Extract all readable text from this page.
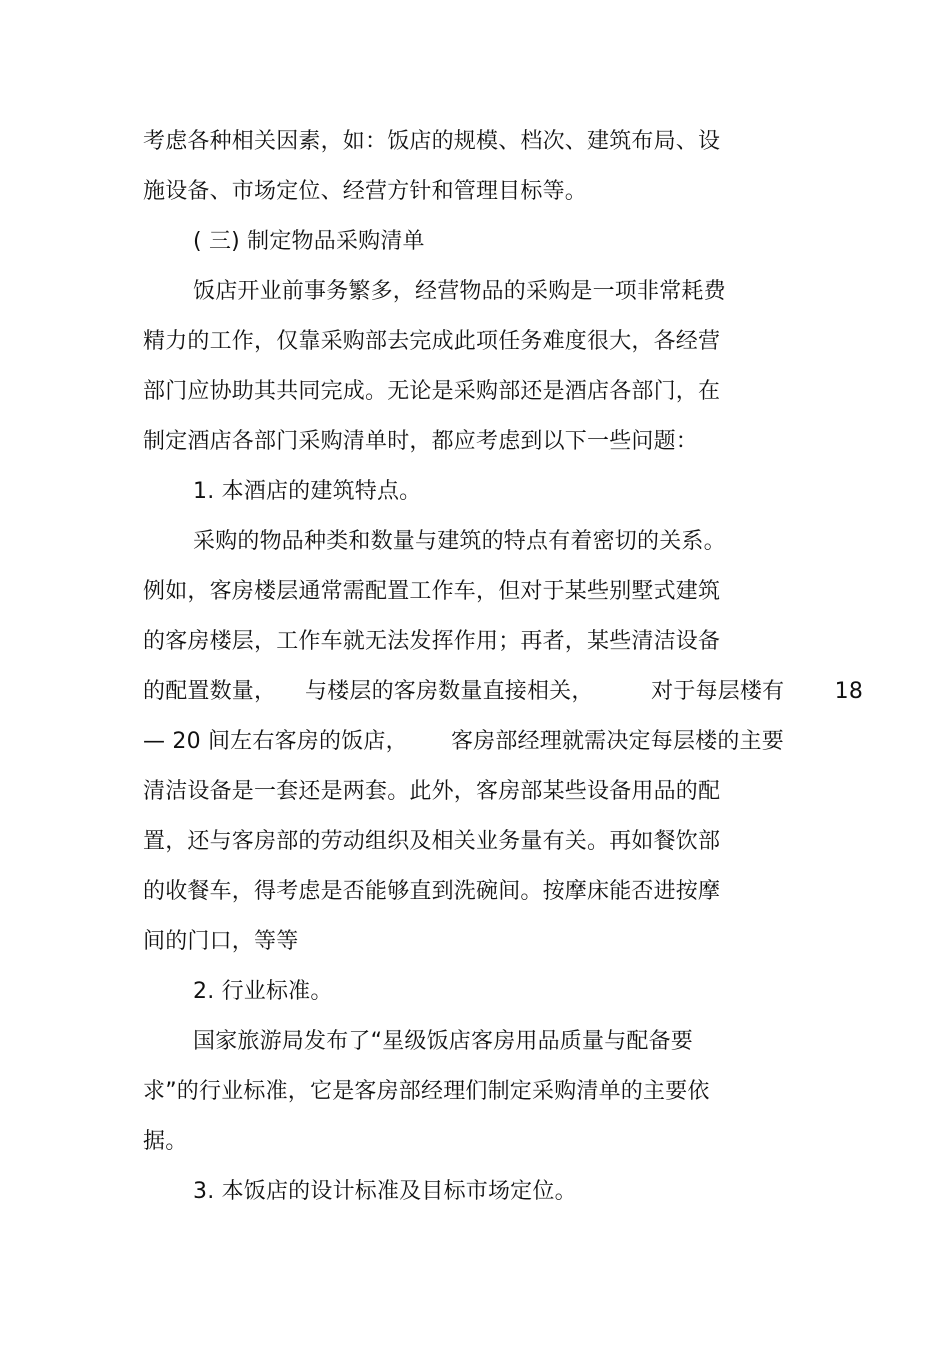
考虑各种相关因素，如：饭店的规模、档次、建筑布局、设
施设备、市场定位、经营方针和管理目标等。
( 三) 制定物品采购清单
饭店开业前事务繁多，经营物品的采购是一项非常耗费
精力的工作，仅靠采购部去完成此项任务难度很大，各经营
部门应协助其共同完成。无论是采购部还是酒店各部门，在
制定酒店各部门采购清单时，都应考虑到以下一些问题：
1. 本酒店的建筑特点。
采购的物品种类和数量与建筑的特点有着密切的关系。
例如，客房楼层通常需配置工作车，但对于某些别墅式建筑
的客房楼层，工作车就无法发挥作用；再者，某些清洁设备
的配置数量，    与楼层的客房数量直接相关，        对于每层楼有       18
— 20 间左右客房的饭店，      客房部经理就需决定每层楼的主要
清洁设备是一套还是两套。此外，客房部某些设备用品的配
置，还与客房部的劳动组织及相关业务量有关。再如餐饮部
的收餐车，得考虑是否能够直到洗碗间。按摩床能否进按摩
间的门口，等等
2. 行业标准。
国家旅游局发布了“星级饭店客房用品质量与配备要
求”的行业标准，它是客房部经理们制定采购清单的主要依
据。
3. 本饭店的设计标准及目标市场定位。
